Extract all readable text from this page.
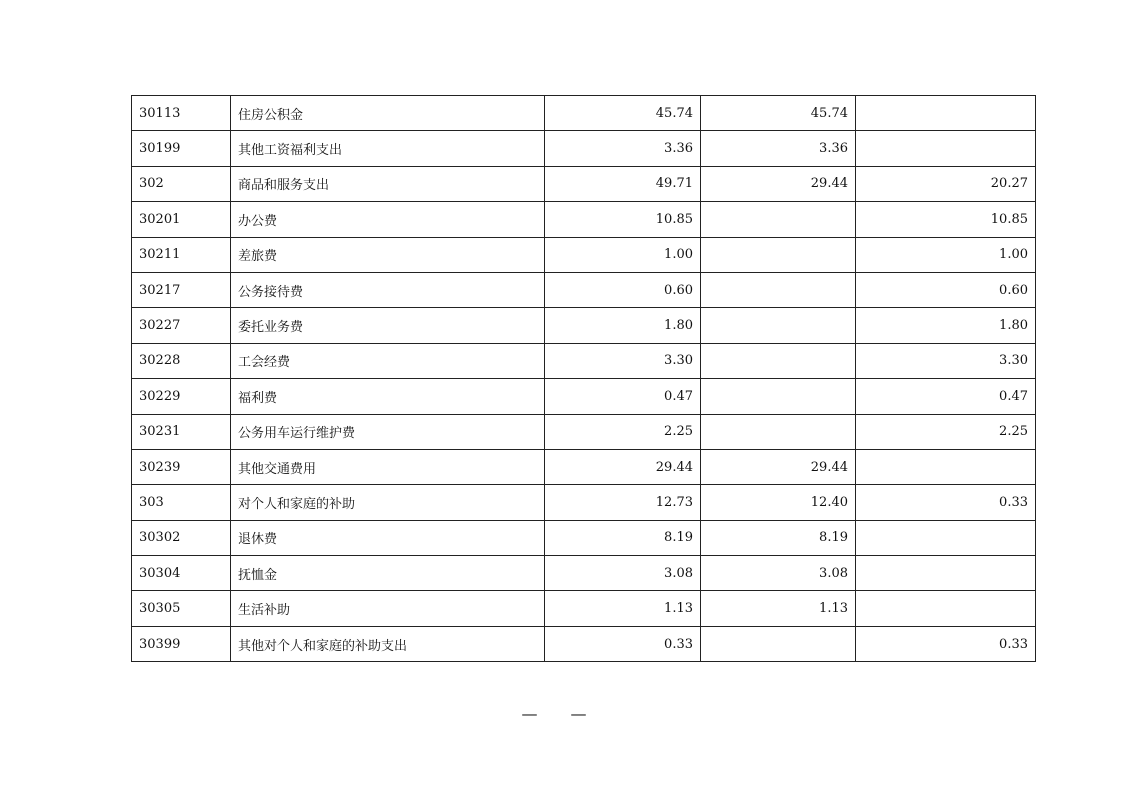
30113	住房公积金	45.74	45.74	
30199	其他工资福利支出	3.36	3.36	
302	商品和服务支出	49.71	29.44	20.27
30201	办公费	10.85		10.85
30211	差旅费	1.00		1.00
30217	公务接待费	0.60		0.60
30227	委托业务费	1.80		1.80
30228	工会经费	3.30		3.30
30229	福利费	0.47		0.47
30231	公务用车运行维护费	2.25		2.25
30239	其他交通费用	29.44	29.44	
303	对个人和家庭的补助	12.73	12.40	0.33
30302	退休费	8.19	8.19	
30304	抚恤金	3.08	3.08	
30305	生活补助	1.13	1.13	
30399	其他对个人和家庭的补助支出	0.33		0.33
— —
